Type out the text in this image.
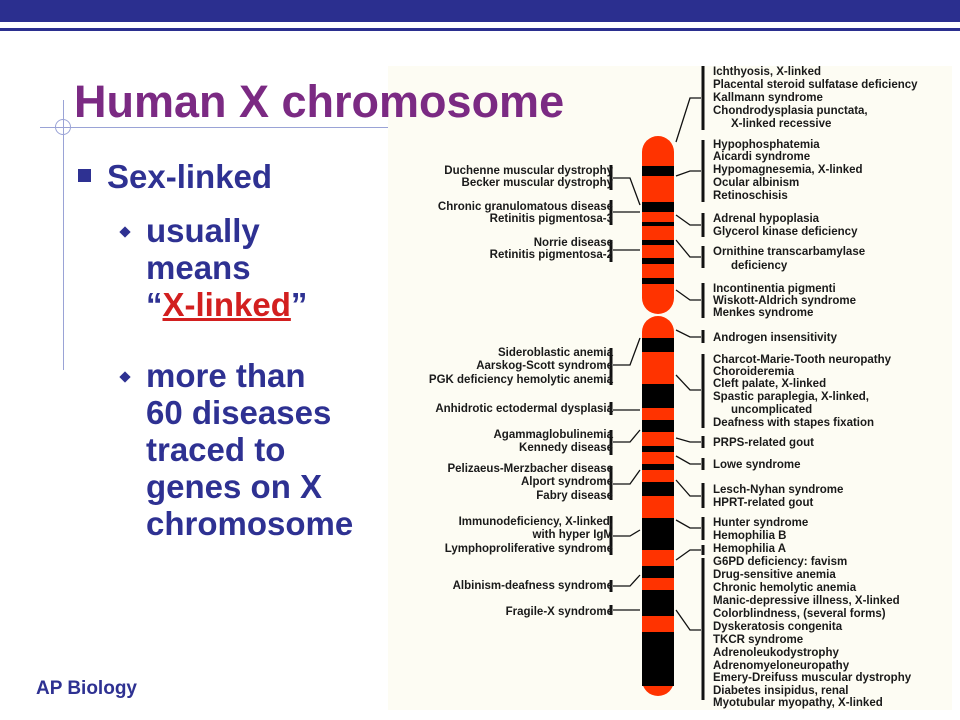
Duchenne muscular dystrophy
Becker muscular dystrophy
Chronic granulomatous disease
Retinitis pigmentosa-3
Norrie disease
Retinitis pigmentosa-2
Sideroblastic anemia
Aarskog-Scott syndrome
PGK deficiency hemolytic anemia
Anhidrotic ectodermal dysplasia
Agammaglobulinemia
Kennedy disease
Pelizaeus-Merzbacher disease
Alport syndrome
Fabry disease
Immunodeficiency, X-linked,
with hyper IgM
Lymphoproliferative syndrome
Albinism-deafness syndrome
Fragile-X syndrome
Ichthyosis, X-linked
Placental steroid sulfatase deficiency
Kallmann syndrome
Chondrodysplasia punctata,
X-linked recessive
Hypophosphatemia
Aicardi syndrome
Hypomagnesemia, X-linked
Ocular albinism
Retinoschisis
Adrenal hypoplasia
Glycerol kinase deficiency
Ornithine transcarbamylase
deficiency
Incontinentia pigmenti
Wiskott-Aldrich syndrome
Menkes syndrome
Androgen insensitivity
Charcot-Marie-Tooth neuropathy
Choroideremia
Cleft palate, X-linked
Spastic paraplegia, X-linked,
uncomplicated
Deafness with stapes fixation
PRPS-related gout
Lowe syndrome
Lesch-Nyhan syndrome
HPRT-related gout
Hunter syndrome
Hemophilia B
Hemophilia A
G6PD deficiency: favism
Drug-sensitive anemia
Chronic hemolytic anemia
Manic-depressive illness, X-linked
Colorblindness, (several forms)
Dyskeratosis congenita
TKCR syndrome
Adrenoleukodystrophy
Adrenomyeloneuropathy
Emery-Dreifuss muscular dystrophy
Diabetes insipidus, renal
Myotubular myopathy, X-linked
Human X chromosome
Sex-linked
usually
means
“X-linked”
more than
60 diseases
traced to
genes on X
chromosome
AP Biology
